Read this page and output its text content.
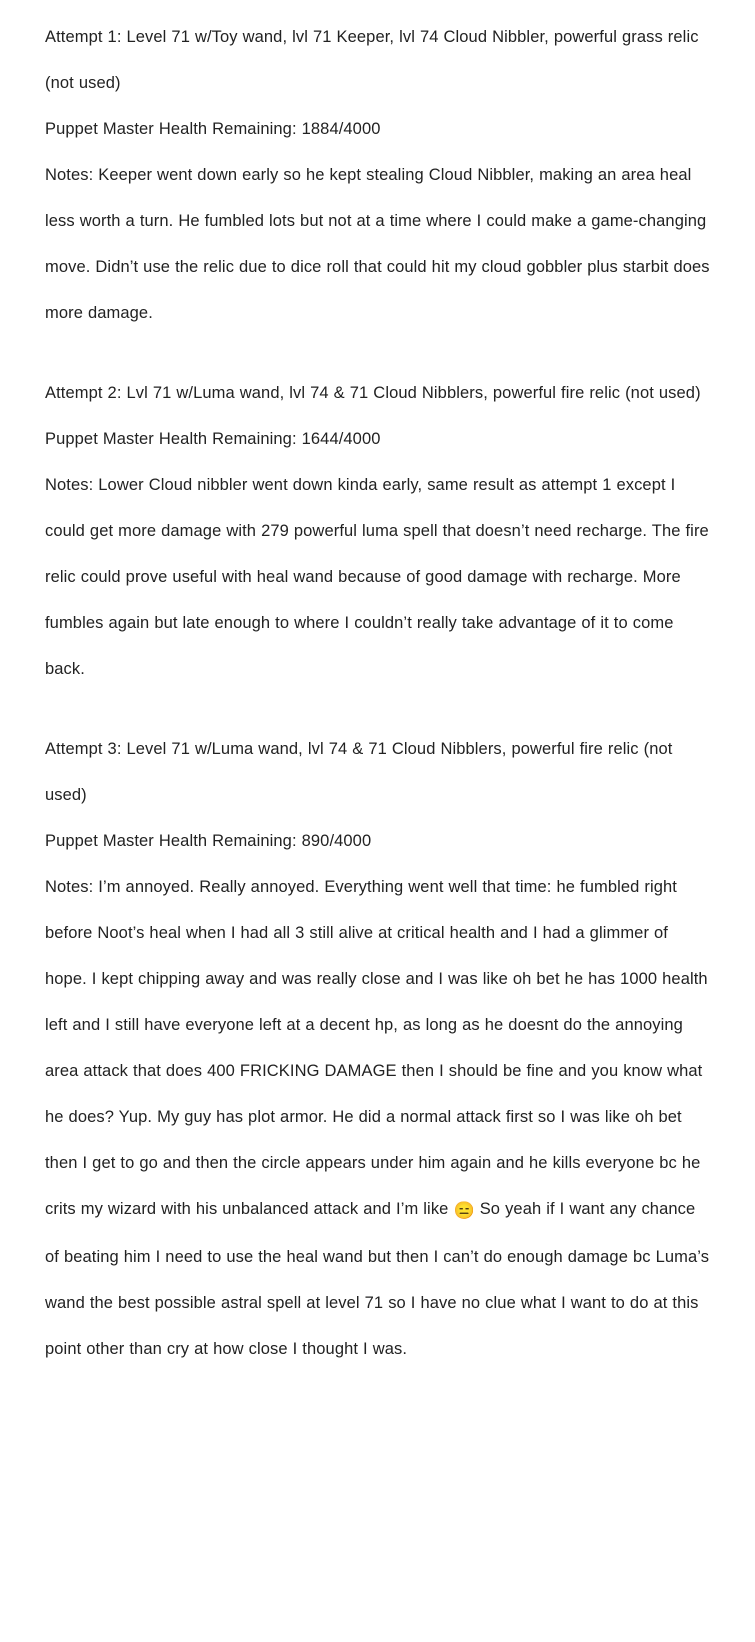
Attempt 1: Level 71 w/Toy wand, lvl 71 Keeper, lvl 74 Cloud Nibbler, powerful grass relic (not used)

Puppet Master Health Remaining: 1884/4000

Notes: Keeper went down early so he kept stealing Cloud Nibbler, making an area heal less worth a turn. He fumbled lots but not at a time where I could make a game-changing move. Didn’t use the relic due to dice roll that could hit my cloud gobbler plus starbit does more damage.

Attempt 2: Lvl 71 w/Luma wand, lvl 74 & 71 Cloud Nibblers, powerful fire relic (not used)

Puppet Master Health Remaining: 1644/4000

Notes: Lower Cloud nibbler went down kinda early, same result as attempt 1 except I could get more damage with 279 powerful luma spell that doesn’t need recharge. The fire relic could prove useful with heal wand because of good damage with recharge. More fumbles again but late enough to where I couldn’t really take advantage of it to come back.

Attempt 3: Level 71 w/Luma wand, lvl 74 & 71 Cloud Nibblers, powerful fire relic (not used)

Puppet Master Health Remaining: 890/4000

Notes: I’m annoyed. Really annoyed. Everything went well that time: he fumbled right before Noot’s heal when I had all 3 still alive at critical health and I had a glimmer of hope. I kept chipping away and was really close and I was like oh bet he has 1000 health left and I still have everyone left at a decent hp, as long as he doesnt do the annoying area attack that does 400 FRICKING DAMAGE then I should be fine and you know what he does? Yup. My guy has plot armor. He did a normal attack first so I was like oh bet then I get to go and then the circle appears under him again and he kills everyone bc he crits my wizard with his unbalanced attack and I’m like 😑 So yeah if I want any chance of beating him I need to use the heal wand but then I can’t do enough damage bc Luma’s wand the best possible astral spell at level 71 so I have no clue what I want to do at this point other than cry at how close I thought I was.
